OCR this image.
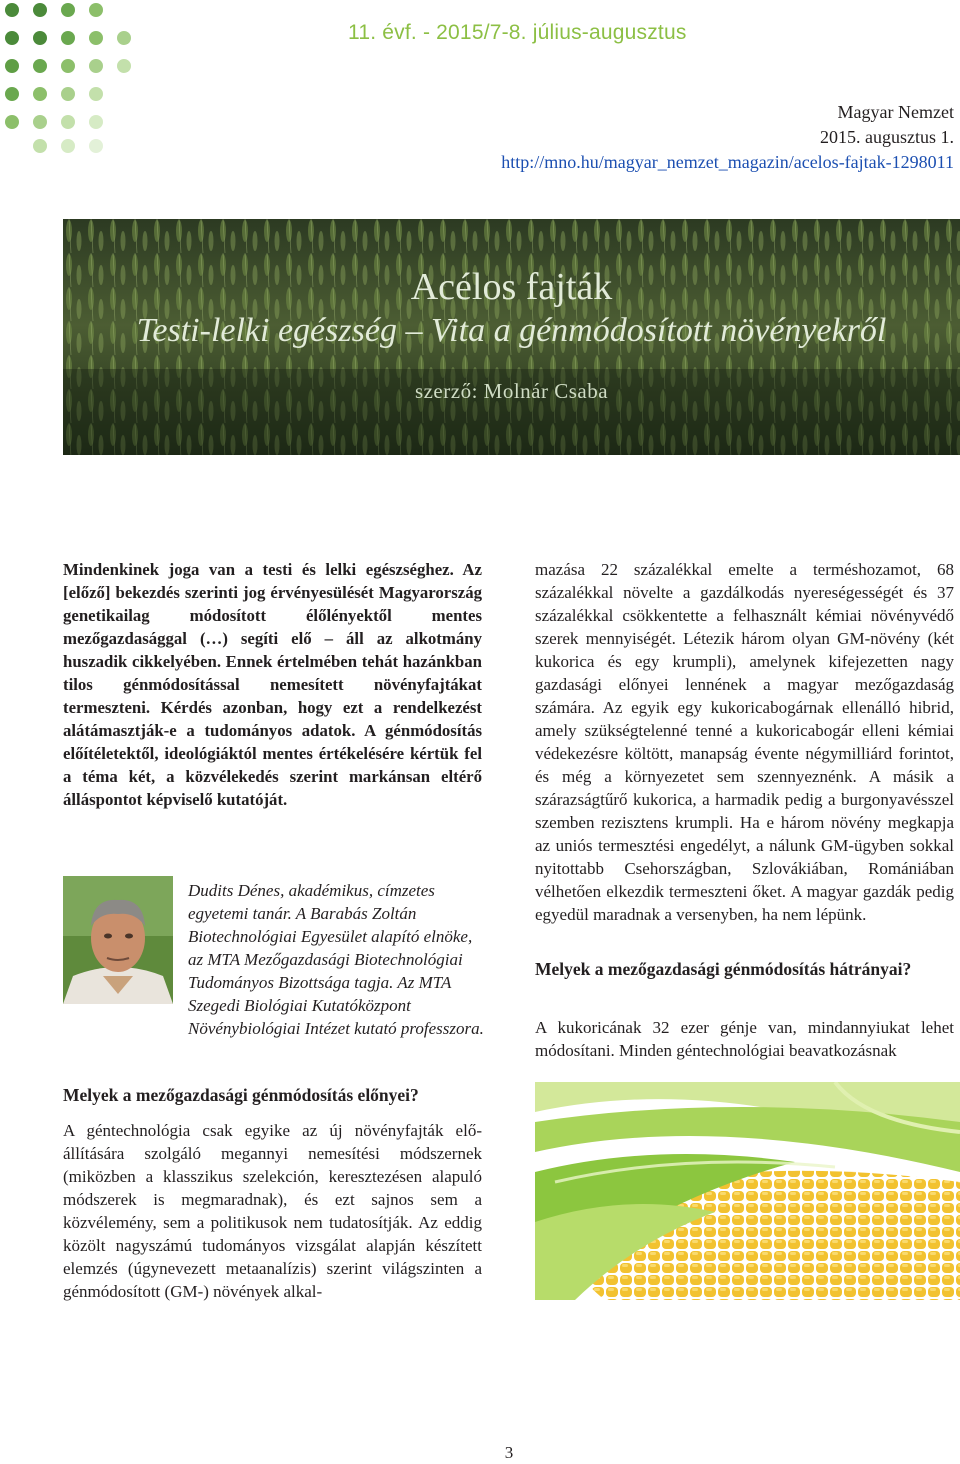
11. évf. - 2015/7-8. július-augusztus
Magyar Nemzet
2015. augusztus 1.
http://mno.hu/magyar_nemzet_magazin/acelos-fajtak-1298011
Acélos fajták
Testi-lelki egészség – Vita a génmódosított növényekről
szerző: Molnár Csaba
Mindenkinek joga van a testi és lelki egészséghez. Az [előző] bekezdés szerinti jog érvényesülését Magyarország genetikailag módosított élőlényektől mentes mezőgazdasággal (…) segíti elő – áll az alkotmány huszadik cikkelyében. Ennek értelmében tehát hazánkban tilos génmódosítással nemesített növényfajtákat termeszteni. Kérdés azonban, hogy ezt a rendelkezést alátámasztják-e a tudományos adatok. A génmódosítás előítéletektől, ideológiáktól mentes értékelésére kértük fel a téma két, a közvélekedés szerint markánsan eltérő álláspontot képviselő kutatóját.
Dudits Dénes, akadémikus, címzetes egyetemi tanár. A Barabás Zoltán Biotechnológiai Egyesület alapító elnöke, az MTA Mezőgazdasági Biotechnológiai Tudományos Bizottsága tagja. Az MTA Szegedi Biológiai Kutatóközpont Növénybiológiai Intézet kutató professzora.
Melyek a mezőgazdasági génmódosítás előnyei?
A géntechnológia csak egyike az új növényfajták előállítására szolgáló megannyi nemesítési módszernek (miközben a klasszikus szelekción, keresztezésen alapuló módszerek is megmaradnak), és ezt sajnos sem a közvélemény, sem a politikusok nem tudatosítják. Az eddig közölt nagyszámú tudományos vizsgálat alapján készített elemzés (úgynevezett metaanalízis) szerint világszinten a génmódosított (GM-) növények alkal-
mazása 22 százalékkal emelte a terméshozamot, 68 százalékkal növelte a gazdálkodás nyereségességét és 37 százalékkal csökkentette a felhasznált kémiai növényvédő szerek mennyiségét. Létezik három olyan GM-növény (két kukorica és egy krumpli), amelynek kifejezetten nagy gazdasági előnyei lennének a magyar mezőgazdaság számára. Az egyik egy kukoricabogárnak ellenálló hibrid, amely szükségtelenné tenné a kukoricabogár elleni kémiai védekezésre költött, manapság évente négymilliárd forintot, és még a környezetet sem szennyeznénk. A másik a szárazságtűrő kukorica, a harmadik pedig a burgonyavésszel szemben rezisztens krumpli. Ha e három növény megkapja az uniós termesztési engedélyt, a nálunk GM-ügyben sokkal nyitottabb Csehországban, Szlovákiában, Romániában vélhetően elkezdik termeszteni őket. A magyar gazdák pedig egyedül maradnak a versenyben, ha nem lépünk.
Melyek a mezőgazdasági génmódosítás hátrányai?
A kukoricának 32 ezer génje van, mindannyiukat lehet módosítani. Minden géntechnológiai beavatkozásnak
3
